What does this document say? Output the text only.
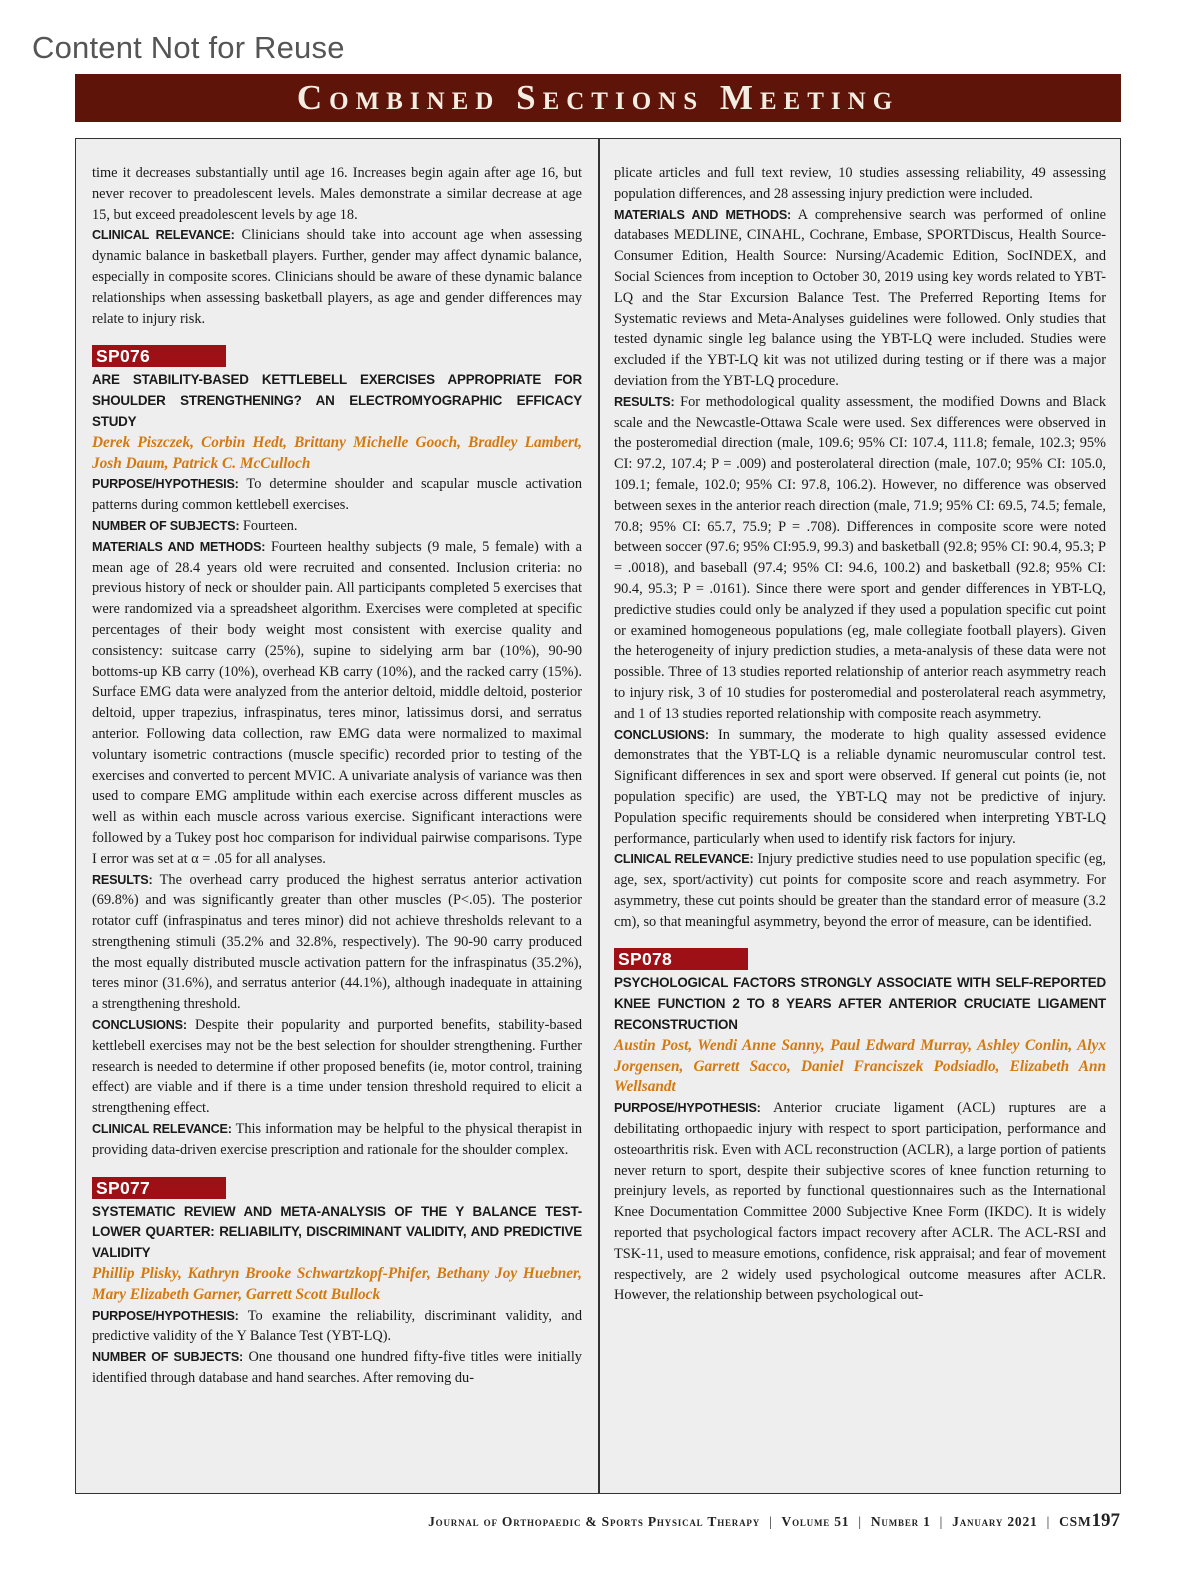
Content Not for Reuse
Combined Sections Meeting

time it decreases substantially until age 16. Increases begin again after age 16, but never recover to preadolescent levels. Males demonstrate a similar decrease at age 15, but exceed preadolescent levels by age 18.

CLINICAL RELEVANCE: Clinicians should take into account age when assessing dynamic balance in basketball players. Further, gender may affect dynamic balance, especially in composite scores. Clinicians should be aware of these dynamic balance relationships when assessing basketball players, as age and gender differences may relate to injury risk.

SP076

ARE STABILITY-BASED KETTLEBELL EXERCISES APPROPRIATE FOR SHOULDER STRENGTHENING? AN ELECTROMYOGRAPHIC EFFICACY STUDY

Derek Piszczek, Corbin Hedt, Brittany Michelle Gooch, Bradley Lambert, Josh Daum, Patrick C. McCulloch

PURPOSE/HYPOTHESIS: To determine shoulder and scapular muscle activation patterns during common kettlebell exercises.

NUMBER OF SUBJECTS: Fourteen.

MATERIALS AND METHODS: Fourteen healthy subjects (9 male, 5 female) with a mean age of 28.4 years old were recruited and consented. Inclusion criteria: no previous history of neck or shoulder pain. All participants completed 5 exercises that were randomized via a spreadsheet algorithm. Exercises were completed at specific percentages of their body weight most consistent with exercise quality and consistency: suitcase carry (25%), supine to sidelying arm bar (10%), 90-90 bottoms-up KB carry (10%), overhead KB carry (10%), and the racked carry (15%). Surface EMG data were analyzed from the anterior deltoid, middle deltoid, posterior deltoid, upper trapezius, infraspinatus, teres minor, latissimus dorsi, and serratus anterior. Following data collection, raw EMG data were normalized to maximal voluntary isometric contractions (muscle specific) recorded prior to testing of the exercises and converted to percent MVIC. A univariate analysis of variance was then used to compare EMG amplitude within each exercise across different muscles as well as within each muscle across various exercise. Significant interactions were followed by a Tukey post hoc comparison for individual pairwise comparisons. Type I error was set at α = .05 for all analyses.

RESULTS: The overhead carry produced the highest serratus anterior activation (69.8%) and was significantly greater than other muscles (P<.05). The posterior rotator cuff (infraspinatus and teres minor) did not achieve thresholds relevant to a strengthening stimuli (35.2% and 32.8%, respectively). The 90-90 carry produced the most equally distributed muscle activation pattern for the infraspinatus (35.2%), teres minor (31.6%), and serratus anterior (44.1%), although inadequate in attaining a strengthening threshold.

CONCLUSIONS: Despite their popularity and purported benefits, stability-based kettlebell exercises may not be the best selection for shoulder strengthening. Further research is needed to determine if other proposed benefits (ie, motor control, training effect) are viable and if there is a time under tension threshold required to elicit a strengthening effect.

CLINICAL RELEVANCE: This information may be helpful to the physical therapist in providing data-driven exercise prescription and rationale for the shoulder complex.

SP077

SYSTEMATIC REVIEW AND META-ANALYSIS OF THE Y BALANCE TEST-LOWER QUARTER: RELIABILITY, DISCRIMINANT VALIDITY, AND PREDICTIVE VALIDITY

Phillip Plisky, Kathryn Brooke Schwartzkopf-Phifer, Bethany Joy Huebner, Mary Elizabeth Garner, Garrett Scott Bullock

PURPOSE/HYPOTHESIS: To examine the reliability, discriminant validity, and predictive validity of the Y Balance Test (YBT-LQ).

NUMBER OF SUBJECTS: One thousand one hundred fifty-five titles were initially identified through database and hand searches. After removing du-

plicate articles and full text review, 10 studies assessing reliability, 49 assessing population differences, and 28 assessing injury prediction were included.

MATERIALS AND METHODS: A comprehensive search was performed of online databases MEDLINE, CINAHL, Cochrane, Embase, SPORTDiscus, Health Source-Consumer Edition, Health Source: Nursing/Academic Edition, SocINDEX, and Social Sciences from inception to October 30, 2019 using key words related to YBT-LQ and the Star Excursion Balance Test. The Preferred Reporting Items for Systematic reviews and Meta-Analyses guidelines were followed. Only studies that tested dynamic single leg balance using the YBT-LQ were included. Studies were excluded if the YBT-LQ kit was not utilized during testing or if there was a major deviation from the YBT-LQ procedure.

RESULTS: For methodological quality assessment, the modified Downs and Black scale and the Newcastle-Ottawa Scale were used. Sex differences were observed in the posteromedial direction (male, 109.6; 95% CI: 107.4, 111.8; female, 102.3; 95% CI: 97.2, 107.4; P = .009) and posterolateral direction (male, 107.0; 95% CI: 105.0, 109.1; female, 102.0; 95% CI: 97.8, 106.2). However, no difference was observed between sexes in the anterior reach direction (male, 71.9; 95% CI: 69.5, 74.5; female, 70.8; 95% CI: 65.7, 75.9; P = .708). Differences in composite score were noted between soccer (97.6; 95% CI:95.9, 99.3) and basketball (92.8; 95% CI: 90.4, 95.3; P = .0018), and baseball (97.4; 95% CI: 94.6, 100.2) and basketball (92.8; 95% CI: 90.4, 95.3; P = .0161). Since there were sport and gender differences in YBT-LQ, predictive studies could only be analyzed if they used a population specific cut point or examined homogeneous populations (eg, male collegiate football players). Given the heterogeneity of injury prediction studies, a meta-analysis of these data were not possible. Three of 13 studies reported relationship of anterior reach asymmetry reach to injury risk, 3 of 10 studies for posteromedial and posterolateral reach asymmetry, and 1 of 13 studies reported relationship with composite reach asymmetry.

CONCLUSIONS: In summary, the moderate to high quality assessed evidence demonstrates that the YBT-LQ is a reliable dynamic neuromuscular control test. Significant differences in sex and sport were observed. If general cut points (ie, not population specific) are used, the YBT-LQ may not be predictive of injury. Population specific requirements should be considered when interpreting YBT-LQ performance, particularly when used to identify risk factors for injury.

CLINICAL RELEVANCE: Injury predictive studies need to use population specific (eg, age, sex, sport/activity) cut points for composite score and reach asymmetry. For asymmetry, these cut points should be greater than the standard error of measure (3.2 cm), so that meaningful asymmetry, beyond the error of measure, can be identified.

SP078

PSYCHOLOGICAL FACTORS STRONGLY ASSOCIATE WITH SELF-REPORTED KNEE FUNCTION 2 TO 8 YEARS AFTER ANTERIOR CRUCIATE LIGAMENT RECONSTRUCTION

Austin Post, Wendi Anne Sanny, Paul Edward Murray, Ashley Conlin, Alyx Jorgensen, Garrett Sacco, Daniel Franciszek Podsiadlo, Elizabeth Ann Wellsandt

PURPOSE/HYPOTHESIS: Anterior cruciate ligament (ACL) ruptures are a debilitating orthopaedic injury with respect to sport participation, performance and osteoarthritis risk. Even with ACL reconstruction (ACLR), a large portion of patients never return to sport, despite their subjective scores of knee function returning to preinjury levels, as reported by functional questionnaires such as the International Knee Documentation Committee 2000 Subjective Knee Form (IKDC). It is widely reported that psychological factors impact recovery after ACLR. The ACL-RSI and TSK-11, used to measure emotions, confidence, risk appraisal; and fear of movement respectively, are 2 widely used psychological outcome measures after ACLR. However, the relationship between psychological out-

Journal of Orthopaedic & Sports Physical Therapy | Volume 51 | Number 1 | January 2021 | CSM 197
